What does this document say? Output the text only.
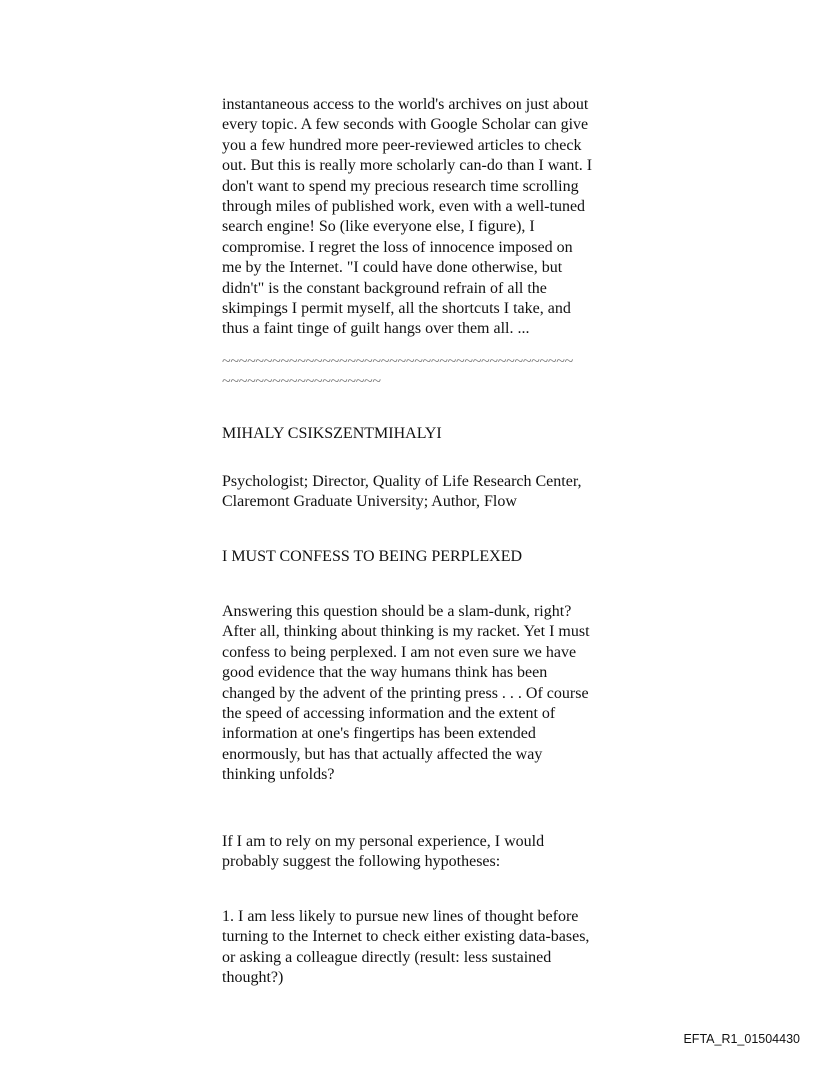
instantaneous access to the world's archives on just about
every topic. A few seconds with Google Scholar can give
you a few hundred more peer-reviewed articles to check
out. But this is really more scholarly can-do than I want. I
don't want to spend my precious research time scrolling
through miles of published work, even with a well-tuned
search engine! So (like everyone else, I figure), I
compromise. I regret the loss of innocence imposed on
me by the Internet. "I could have done otherwise, but
didn't" is the constant background refrain of all the
skimpings I permit myself, all the shortcuts I take, and
thus a faint tinge of guilt hangs over them all. ...
~~~~~~~~~~~~~~~~~~~~~~~~~~~~~~~~~~~~~~~~~~
~~~~~~~~~~~~~~~~~~~
MIHALY CSIKSZENTMIHALYI
Psychologist; Director, Quality of Life Research Center,
Claremont Graduate University; Author, Flow
I MUST CONFESS TO BEING PERPLEXED
Answering this question should be a slam-dunk, right?
After all, thinking about thinking is my racket. Yet I must
confess to being perplexed. I am not even sure we have
good evidence that the way humans think has been
changed by the advent of the printing press . . . Of course
the speed of accessing information and the extent of
information at one's fingertips has been extended
enormously, but has that actually affected the way
thinking unfolds?
If I am to rely on my personal experience, I would
probably suggest the following hypotheses:
1. I am less likely to pursue new lines of thought before
turning to the Internet to check either existing data-bases,
or asking a colleague directly (result: less sustained
thought?)
EFTA_R1_01504430
